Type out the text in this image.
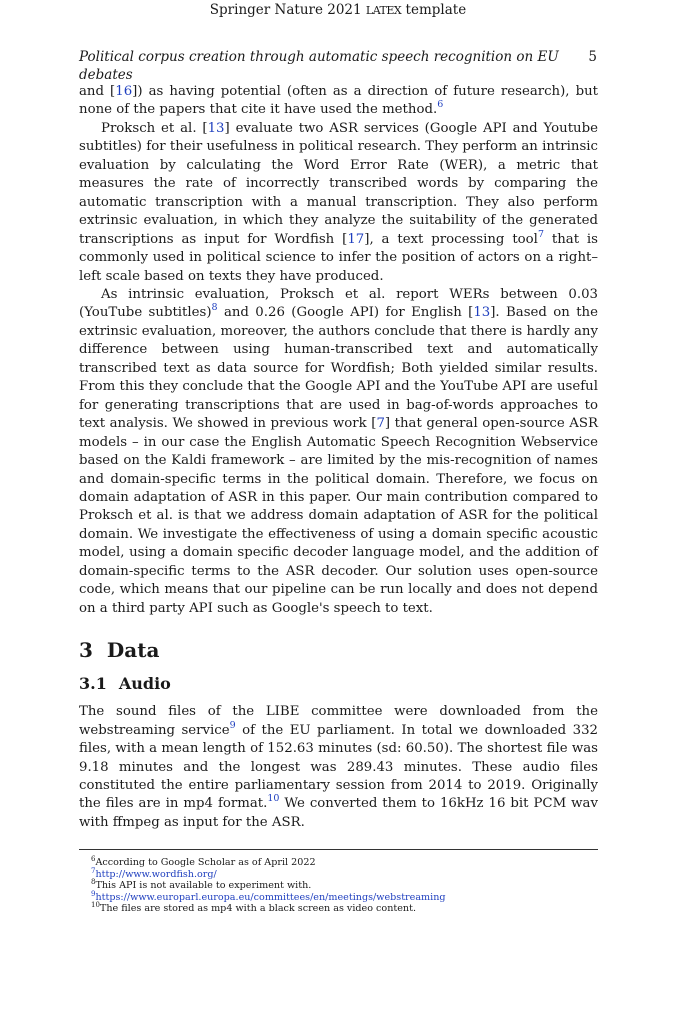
Springer Nature 2021 LATEX template
Political corpus creation through automatic speech recognition on EU debates
5

and [16]) as having potential (often as a direction of future research), but none of the papers that cite it have used the method.$^6$

Proksch et al. [13] evaluate two ASR services (Google API and Youtube subtitles) for their usefulness in political research. They perform an intrinsic evaluation by calculating the Word Error Rate (WER), a metric that measures the rate of incorrectly transcribed words by comparing the automatic transcription with a manual transcription. They also perform extrinsic evaluation, in which they analyze the suitability of the generated transcriptions as input for Wordfish [17], a text processing tool$^7$ that is commonly used in political science to infer the position of actors on a right–left scale based on texts they have produced.

As intrinsic evaluation, Proksch et al. report WERs between 0.03 (YouTube subtitles)$^8$ and 0.26 (Google API) for English [13]. Based on the extrinsic evaluation, moreover, the authors conclude that there is hardly any difference between using human-transcribed text and automatically transcribed text as data source for Wordfish; Both yielded similar results. From this they conclude that the Google API and the YouTube API are useful for generating transcriptions that are used in bag-of-words approaches to text analysis. We showed in previous work [7] that general open-source ASR models – in our case the English Automatic Speech Recognition Webservice based on the Kaldi framework – are limited by the mis-recognition of names and domain-specific terms in the political domain. Therefore, we focus on domain adaptation of ASR in this paper. Our main contribution compared to Proksch et al. is that we address domain adaptation of ASR for the political domain. We investigate the effectiveness of using a domain specific acoustic model, using a domain specific decoder language model, and the addition of domain-specific terms to the ASR decoder. Our solution uses open-source code, which means that our pipeline can be run locally and does not depend on a third party API such as Google's speech to text.

3 Data
3.1 Audio

The sound files of the LIBE committee were downloaded from the webstreaming service$^9$ of the EU parliament. In total we downloaded 332 files, with a mean length of 152.63 minutes (sd: 60.50). The shortest file was 9.18 minutes and the longest was 289.43 minutes. These audio files constituted the entire parliamentary session from 2014 to 2019. Originally the files are in mp4 format.$^{10}$ We converted them to 16kHz 16 bit PCM wav with ffmpeg as input for the ASR.

$^6$According to Google Scholar as of April 2022
$^7$http://www.wordfish.org/
$^8$This API is not available to experiment with.
$^9$https://www.europarl.europa.eu/committees/en/meetings/webstreaming
$^{10}$The files are stored as mp4 with a black screen as video content.
